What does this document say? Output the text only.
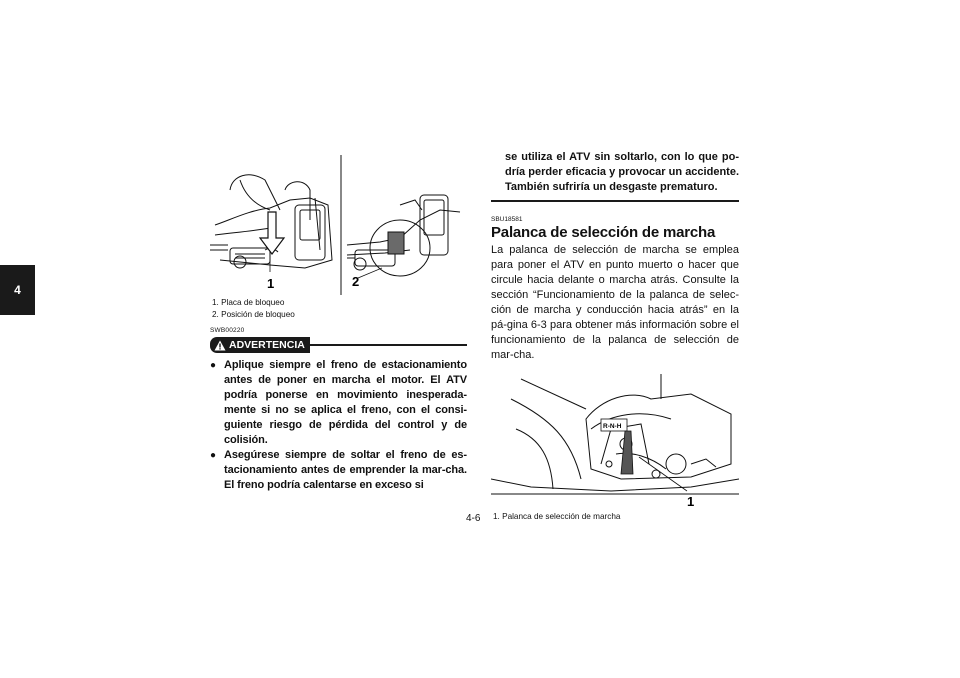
4	1	2
1. Placa de bloqueo
2. Posición de bloqueo
SWB00220
ADVERTENCIA
● Aplique siempre el freno de estacionamiento antes de poner en marcha el motor. El ATV podría ponerse en movimiento inesperada-mente si no se aplica el freno, con el consi-guiente riesgo de pérdida del control y de colisión.
● Asegúrese siempre de soltar el freno de es-tacionamiento antes de emprender la mar-cha. El freno podría calentarse en exceso si
se utiliza el ATV sin soltarlo, con lo que po-dría perder eficacia y provocar un accidente. También sufriría un desgaste prematuro.
SBU18581
Palanca de selección de marcha
La palanca de selección de marcha se emplea para poner el ATV en punto muerto o hacer que circule hacia delante o marcha atrás. Consulte la sección “Funcionamiento de la palanca de selec-ción de marcha y conducción hacia atrás” en la pá-gina 6-3 para obtener más información sobre el funcionamiento de la palanca de selección de mar-cha.
R-N-H
1
1. Palanca de selección de marcha
4-6
